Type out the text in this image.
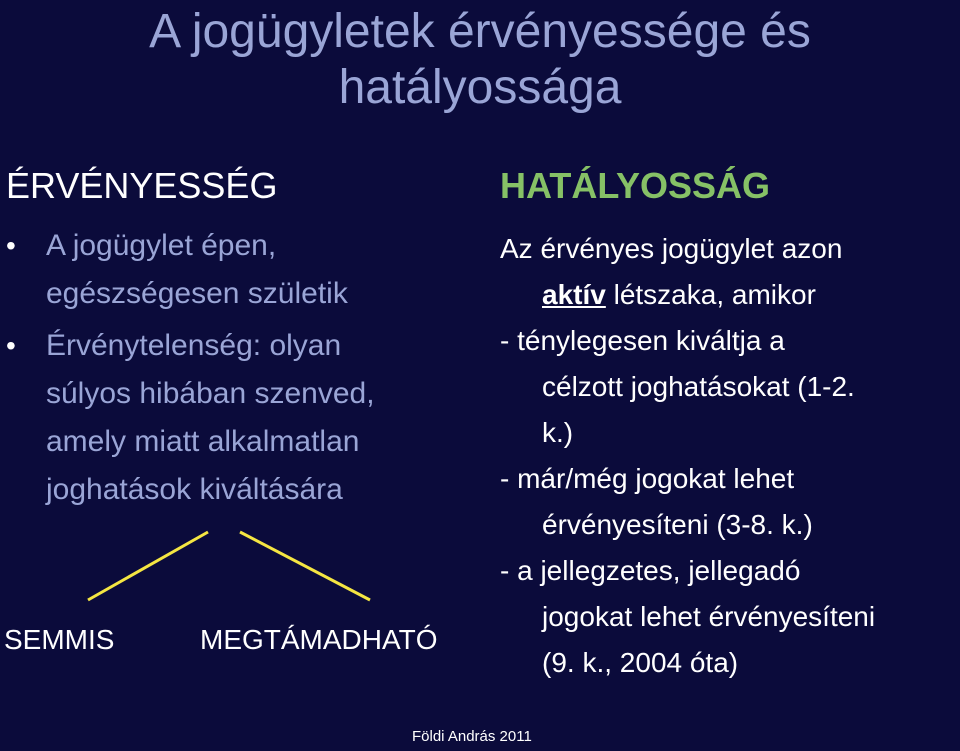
A jogügyletek érvényessége és
hatályossága
ÉRVÉNYESSÉG
• A jogügylet épen,
egészségesen születik
• Érvénytelenség: olyan
súlyos hibában szenved,
amely miatt alkalmatlan
joghatások kiváltására
SEMMIS	MEGTÁMADHATÓ
HATÁLYOSSÁG
Az érvényes jogügylet azon
aktív létszaka, amikor
- ténylegesen kiváltja a
célzott joghatásokat (1-2.
k.)
- már/még jogokat lehet
érvényesíteni (3-8. k.)
- a jellegzetes, jellegadó
jogokat lehet érvényesíteni
(9. k., 2004 óta)
Földi András 2011
